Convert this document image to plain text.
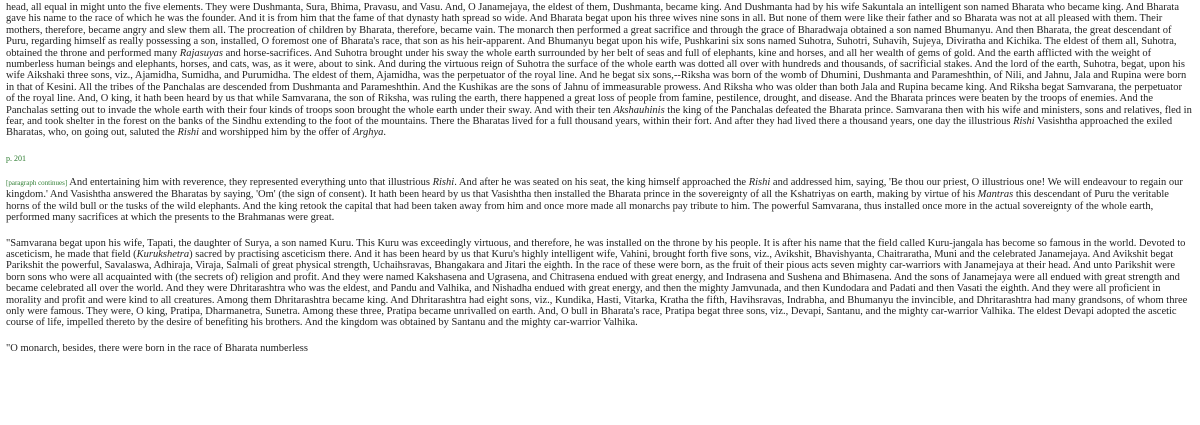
head, all equal in might unto the five elements. They were Dushmanta, Sura, Bhima, Pravasu, and Vasu. And, O Janamejaya, the eldest of them, Dushmanta, became king. And Dushmanta had by his wife Sakuntala an intelligent son named Bharata who became king. And Bharata gave his name to the race of which he was the founder. And it is from him that the fame of that dynasty hath spread so wide. And Bharata begat upon his three wives nine sons in all. But none of them were like their father and so Bharata was not at all pleased with them. Their mothers, therefore, became angry and slew them all. The procreation of children by Bharata, therefore, became vain. The monarch then performed a great sacrifice and through the grace of Bharadwaja obtained a son named Bhumanyu. And then Bharata, the great descendant of Puru, regarding himself as really possessing a son, installed, O foremost one of Bharata's race, that son as his heir-apparent. And Bhumanyu begat upon his wife, Pushkarini six sons named Suhotra, Suhotri, Suhavih, Sujeya, Diviratha and Kichika. The eldest of them all, Suhotra, obtained the throne and performed many Rajasuyas and horse-sacrifices. And Suhotra brought under his sway the whole earth surrounded by her belt of seas and full of elephants, kine and horses, and all her wealth of gems of gold. And the earth afflicted with the weight of numberless human beings and elephants, horses, and cats, was, as it were, about to sink. And during the virtuous reign of Suhotra the surface of the whole earth was dotted all over with hundreds and thousands, of sacrificial stakes. And the lord of the earth, Suhotra, begat, upon his wife Aikshaki three sons, viz., Ajamidha, Sumidha, and Purumidha. The eldest of them, Ajamidha, was the perpetuator of the royal line. And he begat six sons,--Riksha was born of the womb of Dhumini, Dushmanta and Parameshthin, of Nili, and Jahnu, Jala and Rupina were born in that of Kesini. All the tribes of the Panchalas are descended from Dushmanta and Parameshthin. And the Kushikas are the sons of Jahnu of immeasurable prowess. And Riksha who was older than both Jala and Rupina became king. And Riksha begat Samvarana, the perpetuator of the royal line. And, O king, it hath been heard by us that while Samvarana, the son of Riksha, was ruling the earth, there happened a great loss of people from famine, pestilence, drought, and disease. And the Bharata princes were beaten by the troops of enemies. And the Panchalas setting out to invade the whole earth with their four kinds of troops soon brought the whole earth under their sway. And with their ten Akshauhinis the king of the Panchalas defeated the Bharata prince. Samvarana then with his wife and ministers, sons and relatives, fled in fear, and took shelter in the forest on the banks of the Sindhu extending to the foot of the mountains. There the Bharatas lived for a full thousand years, within their fort. And after they had lived there a thousand years, one day the illustrious Rishi Vasishtha approached the exiled Bharatas, who, on going out, saluted the Rishi and worshipped him by the offer of Arghya.

p. 201

[paragraph continues] And entertaining him with reverence, they represented everything unto that illustrious Rishi. And after he was seated on his seat, the king himself approached the Rishi and addressed him, saying, 'Be thou our priest, O illustrious one! We will endeavour to regain our kingdom.' And Vasishtha answered the Bharatas by saying, 'Om' (the sign of consent). It hath been heard by us that Vasishtha then installed the Bharata prince in the sovereignty of all the Kshatriyas on earth, making by virtue of his Mantras this descendant of Puru the veritable horns of the wild bull or the tusks of the wild elephants. And the king retook the capital that had been taken away from him and once more made all monarchs pay tribute to him. The powerful Samvarana, thus installed once more in the actual sovereignty of the whole earth, performed many sacrifices at which the presents to the Brahmanas were great.

"Samvarana begat upon his wife, Tapati, the daughter of Surya, a son named Kuru. This Kuru was exceedingly virtuous, and therefore, he was installed on the throne by his people. It is after his name that the field called Kuru-jangala has become so famous in the world. Devoted to asceticism, he made that field (Kurukshetra) sacred by practising asceticism there. And it has been heard by us that Kuru's highly intelligent wife, Vahini, brought forth five sons, viz., Avikshit, Bhavishyanta, Chaitraratha, Muni and the celebrated Janamejaya. And Avikshit begat Parikshit the powerful, Savalaswa, Adhiraja, Viraja, Salmali of great physical strength, Uchaihsravas, Bhangakara and Jitari the eighth. In the race of these were born, as the fruit of their pious acts seven mighty car-warriors with Janamejaya at their head. And unto Parikshit were born sons who were all acquainted with (the secrets of) religion and profit. And they were named Kakshasena and Ugrasena, and Chitrasena endued with great energy, and Indrasena and Sushena and Bhimasena. And the sons of Janamejaya were all endued with great strength and became celebrated all over the world. And they were Dhritarashtra who was the eldest, and Pandu and Valhika, and Nishadha endued with great energy, and then the mighty Jamvunada, and then Kundodara and Padati and then Vasati the eighth. And they were all proficient in morality and profit and were kind to all creatures. Among them Dhritarashtra became king. And Dhritarashtra had eight sons, viz., Kundika, Hasti, Vitarka, Kratha the fifth, Havihsravas, Indrabha, and Bhumanyu the invincible, and Dhritarashtra had many grandsons, of whom three only were famous. They were, O king, Pratipa, Dharmanetra, Sunetra. Among these three, Pratipa became unrivalled on earth. And, O bull in Bharata's race, Pratipa begat three sons, viz., Devapi, Santanu, and the mighty car-warrior Valhika. The eldest Devapi adopted the ascetic course of life, impelled thereto by the desire of benefiting his brothers. And the kingdom was obtained by Santanu and the mighty car-warrior Valhika.

"O monarch, besides, there were born in the race of Bharata numberless
